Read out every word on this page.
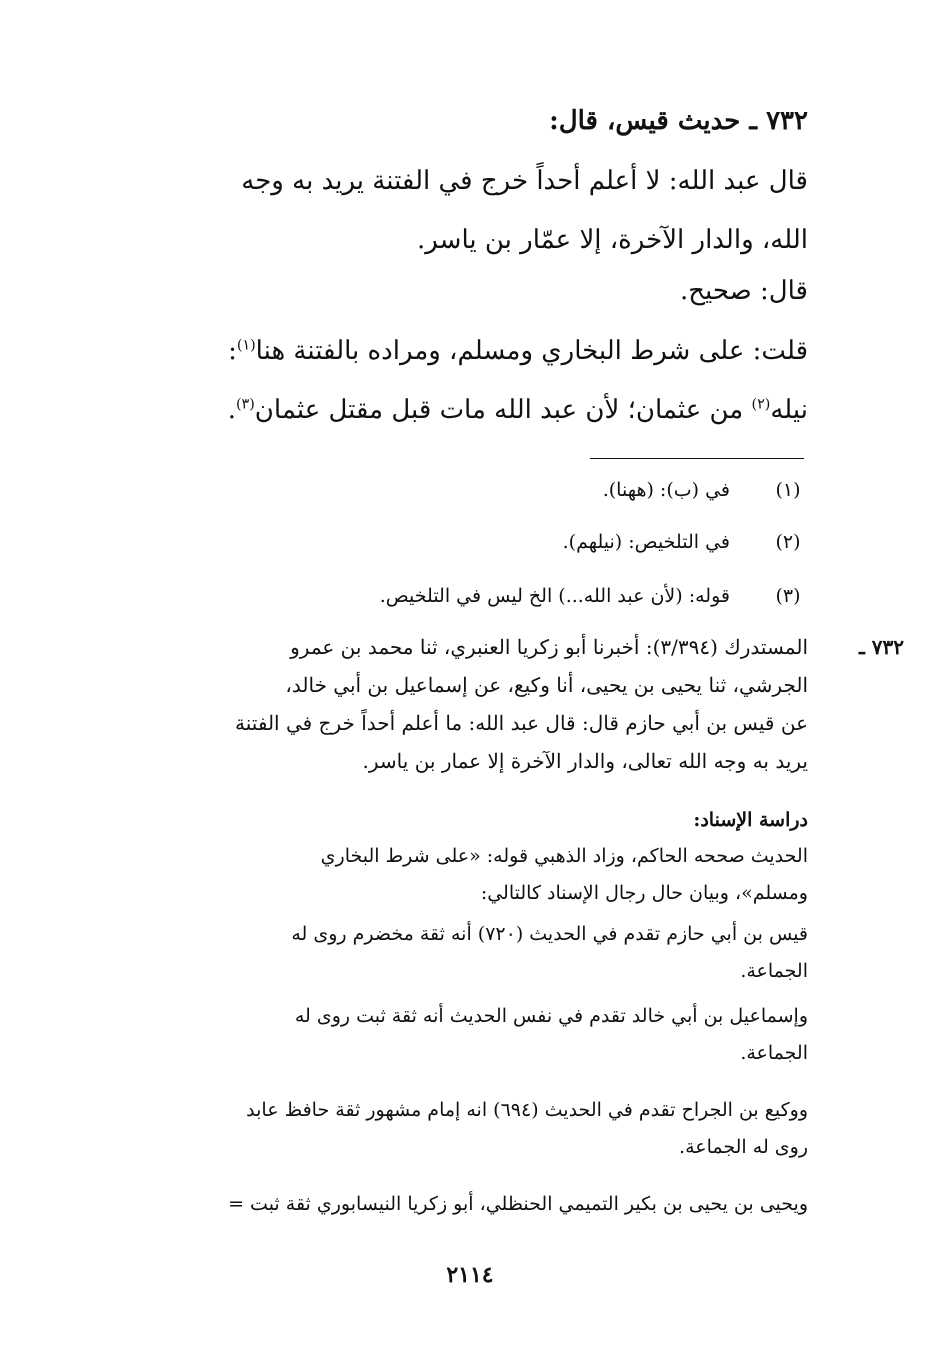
٧٣٢ ـ حديث قيس، قال:

قال عبد الله: لا أعلم أحداً خرج في الفتنة يريد به وجه

الله، والدار الآخرة، إلا عمّار بن ياسر.

قال: صحيح.

قلت: على شرط البخاري ومسلم، ومراده بالفتنة هنا$^{(١)}$:

نيله$^{(٢)}$ من عثمان؛ لأن عبد الله مات قبل مقتل عثمان$^{(٣)}$.

(١)
في (ب): (ههنا).
(٢)
في التلخيص: (نيلهم).
(٣)
قوله: (لأن عبد الله...) الخ ليس في التلخيص.
٧٣٢ ـ

المستدرك (٣/٣٩٤): أخبرنا أبو زكريا العنبري، ثنا محمد بن عمرو

الجرشي، ثنا يحيى بن يحيى، أنا وكيع، عن إسماعيل بن أبي خالد،

عن قيس بن أبي حازم قال: قال عبد الله: ما أعلم أحداً خرج في الفتنة

يريد به وجه الله تعالى، والدار الآخرة إلا عمار بن ياسر.

دراسة الإسناد:

الحديث صححه الحاكم، وزاد الذهبي قوله: «على شرط البخاري

ومسلم»، وبيان حال رجال الإسناد كالتالي:

قيس بن أبي حازم تقدم في الحديث (٧٢٠) أنه ثقة مخضرم روى له

الجماعة.

وإسماعيل بن أبي خالد تقدم في نفس الحديث أنه ثقة ثبت روى له

الجماعة.

ووكيع بن الجراح تقدم في الحديث (٦٩٤) انه إمام مشهور ثقة حافظ عابد

روى له الجماعة.

ويحيى بن يحيى بن بكير التميمي الحنظلي، أبو زكريا النيسابوري ثقة ثبت =

٢١١٤
